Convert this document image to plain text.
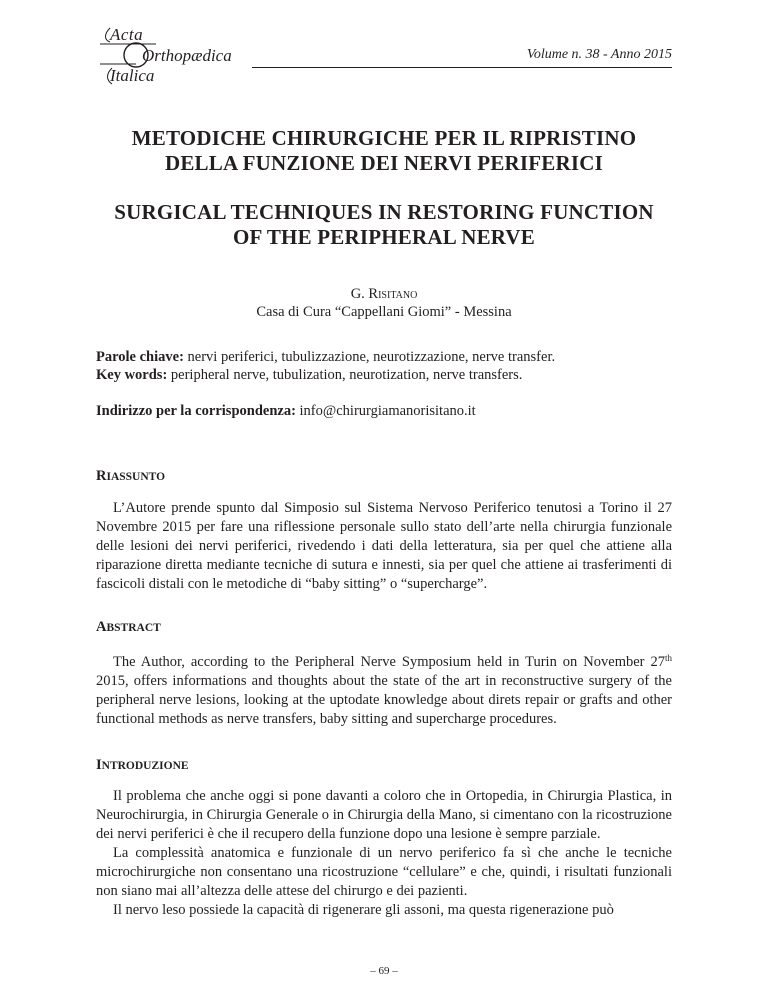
Acta
Orthopædica
Italica
Volume n. 38 - Anno 2015
METODICHE CHIRURGICHE PER IL RIPRISTINO
DELLA FUNZIONE DEI NERVI PERIFERICI
SURGICAL TECHNIQUES IN RESTORING FUNCTION
OF THE PERIPHERAL NERVE
G. Risitano
Casa di Cura “Cappellani Giomi” - Messina
Parole chiave: nervi periferici, tubulizzazione, neurotizzazione, nerve transfer.
Key words: peripheral nerve, tubulization, neurotization, nerve transfers.
Indirizzo per la corrispondenza: info@chirurgiamanorisitano.it
RIASSUNTO

L’Autore prende spunto dal Simposio sul Sistema Nervoso Periferico tenutosi a Torino il 27 Novembre 2015 per fare una riflessione personale sullo stato dell’arte nella chirurgia funzionale delle lesioni dei nervi periferici, rivedendo i dati della letteratura, sia per quel che attiene alla riparazione diretta mediante tecniche di sutura e innesti, sia per quel che attiene ai trasferimenti di fascicoli distali con le metodiche di “baby sitting” o “supercharge”.

ABSTRACT

The Author, according to the Peripheral Nerve Symposium held in Turin on November 27th 2015, offers informations and thoughts about the state of the art in reconstructive surgery of the peripheral nerve lesions, looking at the uptodate knowledge about direts repair or grafts and other functional methods as nerve transfers, baby sitting and supercharge procedures.

INTRODUZIONE

Il problema che anche oggi si pone davanti a coloro che in Ortopedia, in Chirurgia Plastica, in Neurochirurgia, in Chirurgia Generale o in Chirurgia della Mano, si cimentano con la ricostruzione dei nervi periferici è che il recupero della funzione dopo una lesione è sempre parziale.

La complessità anatomica e funzionale di un nervo periferico fa sì che anche le tecniche microchirurgiche non consentano una ricostruzione “cellulare” e che, quindi, i risultati funzionali non siano mai all’altezza delle attese del chirurgo e dei pazienti.

Il nervo leso possiede la capacità di rigenerare gli assoni, ma questa rigenerazione può

– 69 –
